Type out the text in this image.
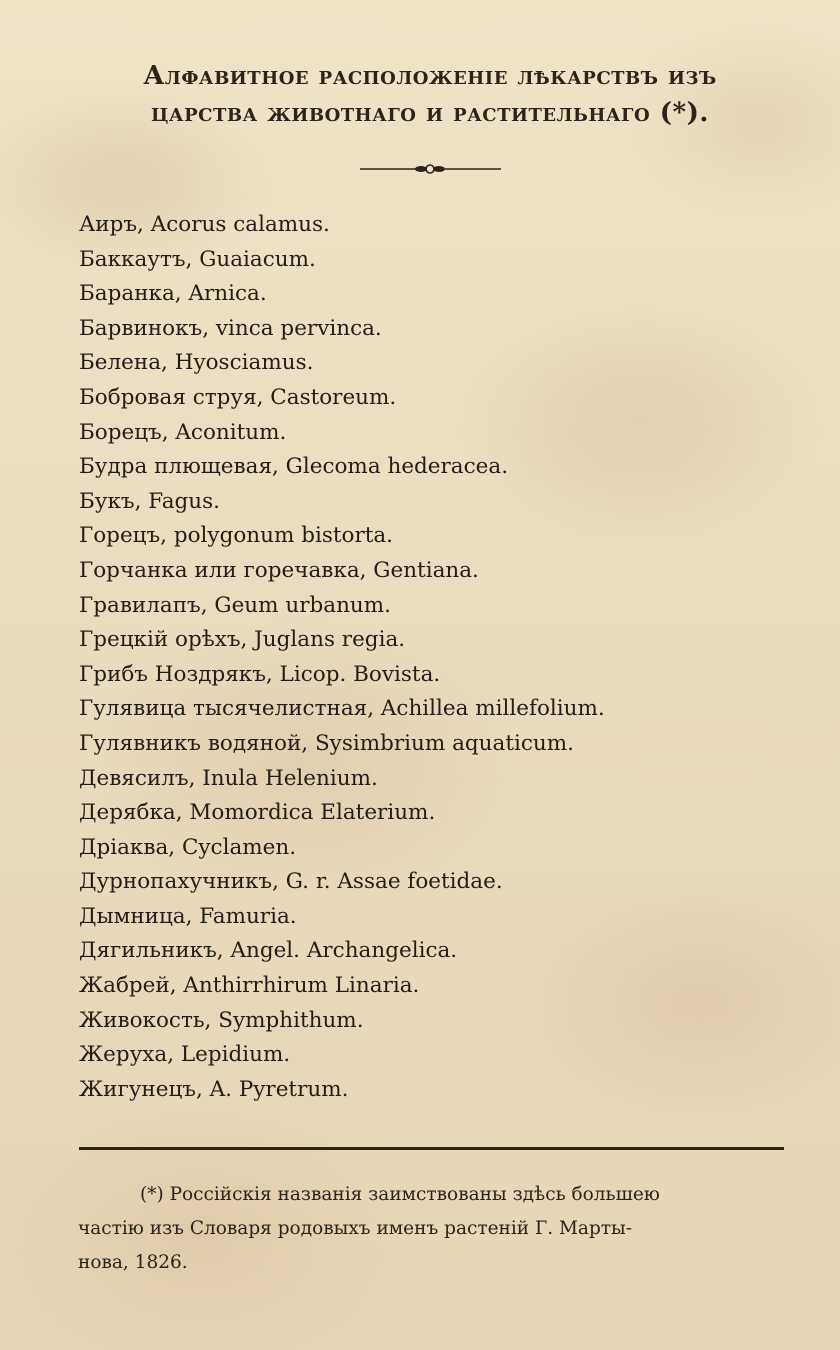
Алфавитное расположеніе лѣкарствъ изъ
царства животнаго и растительнаго (*).
Аиръ, Acorus calamus.
Баккаутъ, Guaiacum.
Баранка, Arnica.
Барвинокъ, vinca pervinca.
Белена, Hyosciamus.
Бобровая струя, Castoreum.
Борецъ, Aconitum.
Будра плющевая, Glecoma hederacea.
Букъ, Fagus.
Горецъ, polygonum bistorta.
Горчанка или горечавка, Gentiana.
Гравилапъ, Geum urbanum.
Грецкій орѣхъ, Juglans regia.
Грибъ Ноздрякъ, Licop. Bovista.
Гулявица тысячелистная, Achillea millefolium.
Гулявникъ водяной, Sysimbrium aquaticum.
Девясилъ, Inula Helenium.
Дерябка, Momordica Elaterium.
Дріаква, Cyclamen.
Дурнопахучникъ, G. r. Assae foetidae.
Дымница, Famuria.
Дягильникъ, Angel. Archangelica.
Жабрей, Anthirrhirum Linaria.
Живокость, Symphithum.
Жеруха, Lepidium.
Жигунецъ, A. Pyretrum.
(*) Россійскія названія заимствованы здѣсь большею
частію изъ Словаря родовыхъ именъ растеній Г. Марты-
нова, 1826.
